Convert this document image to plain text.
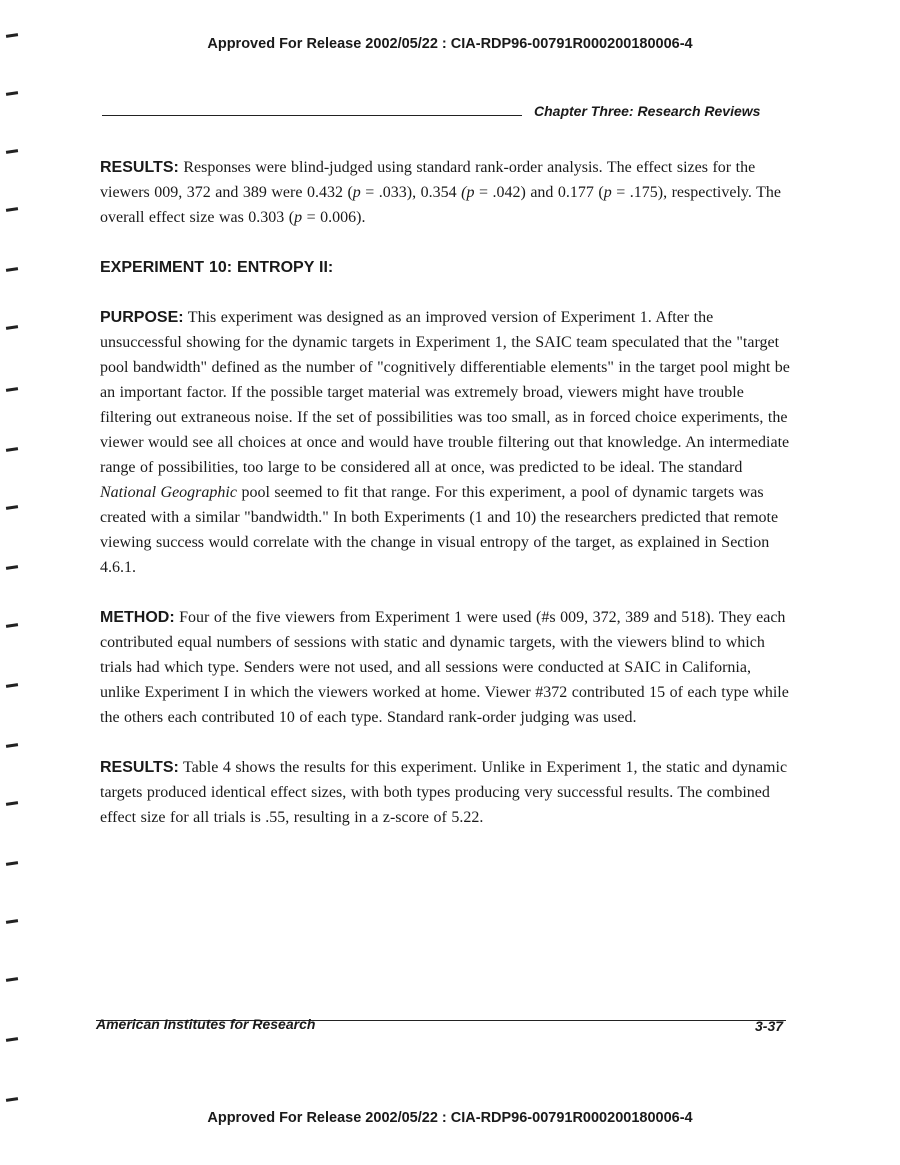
Approved For Release 2002/05/22 : CIA-RDP96-00791R000200180006-4
Chapter Three: Research Reviews

RESULTS: Responses were blind-judged using standard rank-order analysis. The effect sizes for the viewers 009, 372 and 389 were 0.432 (p = .033), 0.354 (p = .042) and 0.177 (p = .175), respectively. The overall effect size was 0.303 (p = 0.006).

EXPERIMENT 10: ENTROPY II:

PURPOSE: This experiment was designed as an improved version of Experiment 1. After the unsuccessful showing for the dynamic targets in Experiment 1, the SAIC team speculated that the "target pool bandwidth" defined as the number of "cognitively differentiable elements" in the target pool might be an important factor. If the possible target material was extremely broad, viewers might have trouble filtering out extraneous noise. If the set of possibilities was too small, as in forced choice experiments, the viewer would see all choices at once and would have trouble filtering out that knowledge. An intermediate range of possibilities, too large to be considered all at once, was predicted to be ideal. The standard National Geographic pool seemed to fit that range. For this experiment, a pool of dynamic targets was created with a similar "bandwidth." In both Experiments (1 and 10) the researchers predicted that remote viewing success would correlate with the change in visual entropy of the target, as explained in Section 4.6.1.

METHOD: Four of the five viewers from Experiment 1 were used (#s 009, 372, 389 and 518). They each contributed equal numbers of sessions with static and dynamic targets, with the viewers blind to which trials had which type. Senders were not used, and all sessions were conducted at SAIC in California, unlike Experiment I in which the viewers worked at home. Viewer #372 contributed 15 of each type while the others each contributed 10 of each type. Standard rank-order judging was used.

RESULTS: Table 4 shows the results for this experiment. Unlike in Experiment 1, the static and dynamic targets produced identical effect sizes, with both types producing very successful results. The combined effect size for all trials is .55, resulting in a z-score of 5.22.

American Institutes for Research	3-37
Approved For Release 2002/05/22 : CIA-RDP96-00791R000200180006-4
